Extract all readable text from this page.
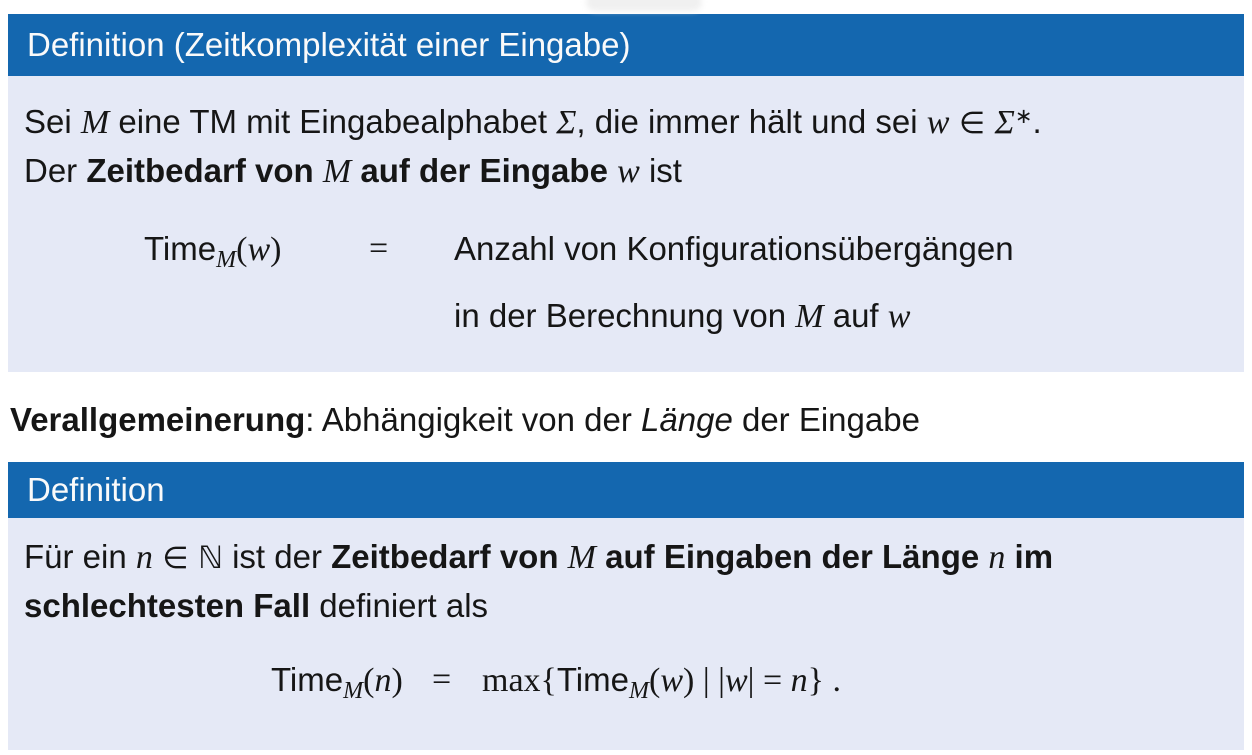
Definition (Zeitkomplexität einer Eingabe)

Sei M eine TM mit Eingabealphabet Σ, die immer hält und sei w ∈ Σ∗.

Der Zeitbedarf von M auf der Eingabe w ist

Time$_M$(w)	=	Anzahl von Konfigurationsübergängen
in der Berechnung von M auf w

Verallgemeinerung: Abhängigkeit von der Länge der Eingabe

Definition

Für ein n ∈ ℕ ist der Zeitbedarf von M auf Eingaben der Länge n im

schlechtesten Fall definiert als

Time$_M$(n) = max{Time$_M$(w) | |w| = n} .
